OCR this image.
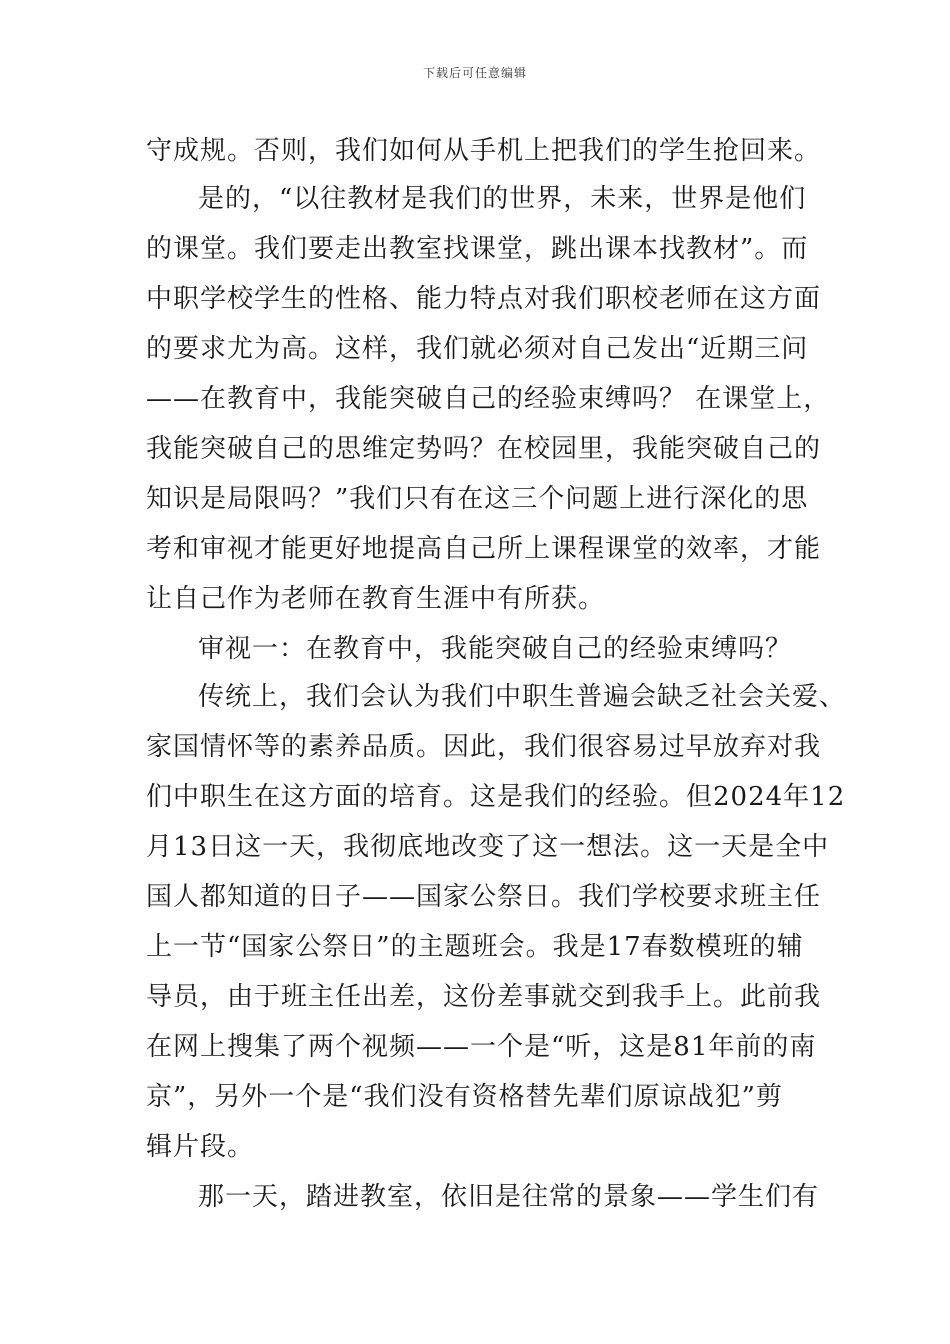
下载后可任意编辑
守成规。否则，我们如何从手机上把我们的学生抢回来。
是的，“以往教材是我们的世界，未来，世界是他们
的课堂。我们要走出教室找课堂，跳出课本找教材”。而
中职学校学生的性格、能力特点对我们职校老师在这方面
的要求尤为高。这样，我们就必须对自己发出“近期三问
——在教育中，我能突破自己的经验束缚吗？ 在课堂上，
我能突破自己的思维定势吗？在校园里，我能突破自己的
知识是局限吗？”我们只有在这三个问题上进行深化的思
考和审视才能更好地提高自己所上课程课堂的效率，才能
让自己作为老师在教育生涯中有所获。
审视一：在教育中，我能突破自己的经验束缚吗？
传统上，我们会认为我们中职生普遍会缺乏社会关爱、
家国情怀等的素养品质。因此，我们很容易过早放弃对我
们中职生在这方面的培育。这是我们的经验。但2024年12
月13日这一天，我彻底地改变了这一想法。这一天是全中
国人都知道的日子——国家公祭日。我们学校要求班主任
上一节“国家公祭日”的主题班会。我是17春数模班的辅
导员，由于班主任出差，这份差事就交到我手上。此前我
在网上搜集了两个视频——一个是“听，这是81年前的南
京”，另外一个是“我们没有资格替先辈们原谅战犯”剪
辑片段。
那一天，踏进教室，依旧是往常的景象——学生们有
